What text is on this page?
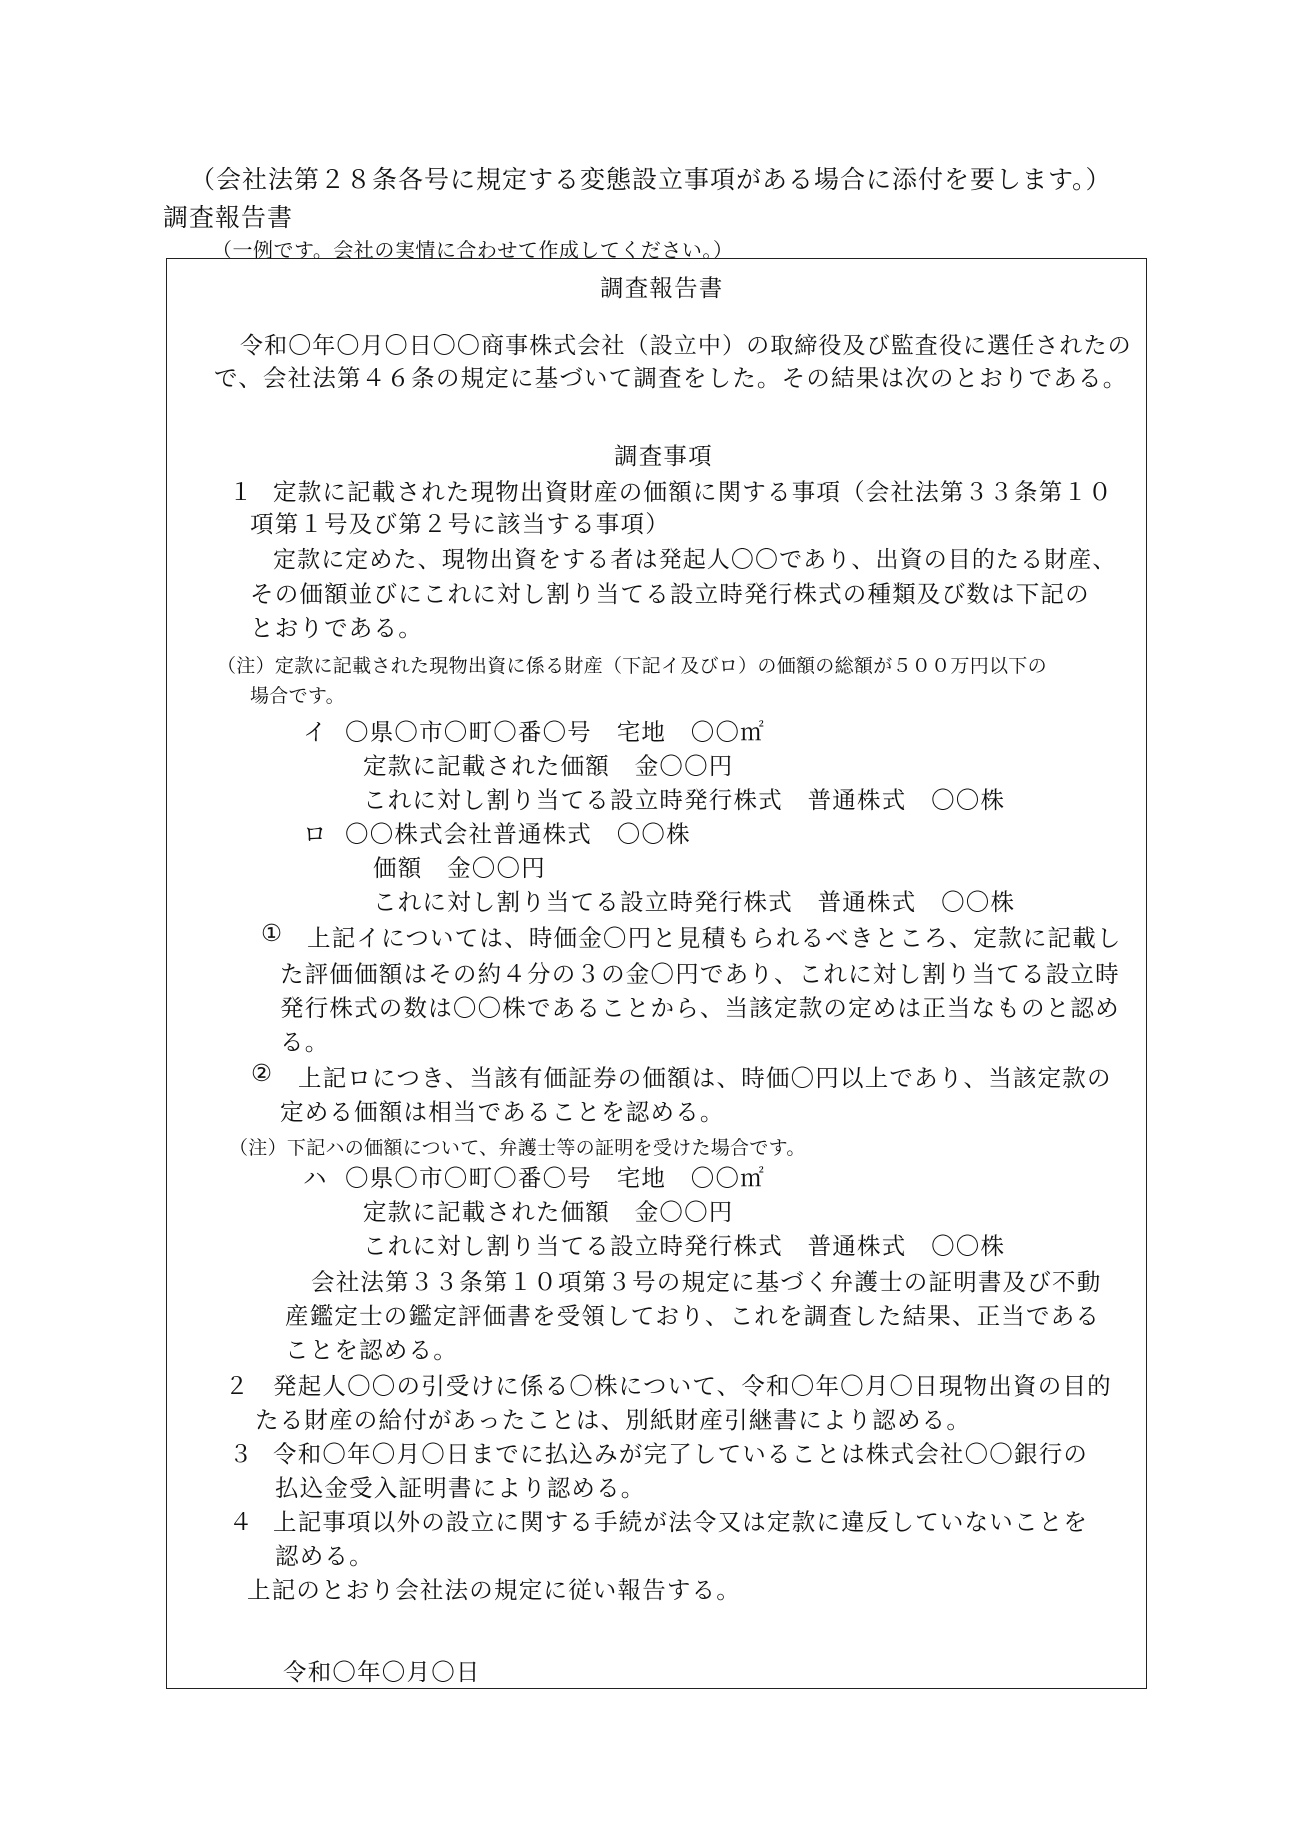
（会社法第２８条各号に規定する変態設立事項がある場合に添付を要します。）
調査報告書
（一例です。会社の実情に合わせて作成してください。）
調査報告書
令和〇年〇月〇日〇〇商事株式会社（設立中）の取締役及び監査役に選任されたの
で、会社法第４６条の規定に基づいて調査をした。その結果は次のとおりである。
調査事項
１ 定款に記載された現物出資財産の価額に関する事項（会社法第３３条第１０
項第１号及び第２号に該当する事項）
定款に定めた、現物出資をする者は発起人〇〇であり、出資の目的たる財産、
その価額並びにこれに対し割り当てる設立時発行株式の種類及び数は下記の
とおりである。
（注）定款に記載された現物出資に係る財産（下記イ及びロ）の価額の総額が５００万円以下の
場合です。
イ 〇県〇市〇町〇番〇号　宅地　〇〇㎡
定款に記載された価額　金〇〇円
これに対し割り当てる設立時発行株式　普通株式　〇〇株
ロ 〇〇株式会社普通株式　〇〇株
価額　金〇〇円
これに対し割り当てる設立時発行株式　普通株式　〇〇株
① 上記イについては、時価金〇円と見積もられるべきところ、定款に記載し
た評価価額はその約４分の３の金〇円であり、これに対し割り当てる設立時
発行株式の数は〇〇株であることから、当該定款の定めは正当なものと認め
る。
② 上記ロにつき、当該有価証券の価額は、時価〇円以上であり、当該定款の
定める価額は相当であることを認める。
（注）下記ハの価額について、弁護士等の証明を受けた場合です。
ハ 〇県〇市〇町〇番〇号　宅地　〇〇㎡
定款に記載された価額　金〇〇円
これに対し割り当てる設立時発行株式　普通株式　〇〇株
会社法第３３条第１０項第３号の規定に基づく弁護士の証明書及び不動
産鑑定士の鑑定評価書を受領しており、これを調査した結果、正当である
ことを認める。
２ 発起人〇〇の引受けに係る〇株について、令和〇年〇月〇日現物出資の目的
たる財産の給付があったことは、別紙財産引継書により認める。
３ 令和〇年〇月〇日までに払込みが完了していることは株式会社〇〇銀行の
払込金受入証明書により認める。
４ 上記事項以外の設立に関する手続が法令又は定款に違反していないことを
認める。
上記のとおり会社法の規定に従い報告する。
令和〇年〇月〇日
